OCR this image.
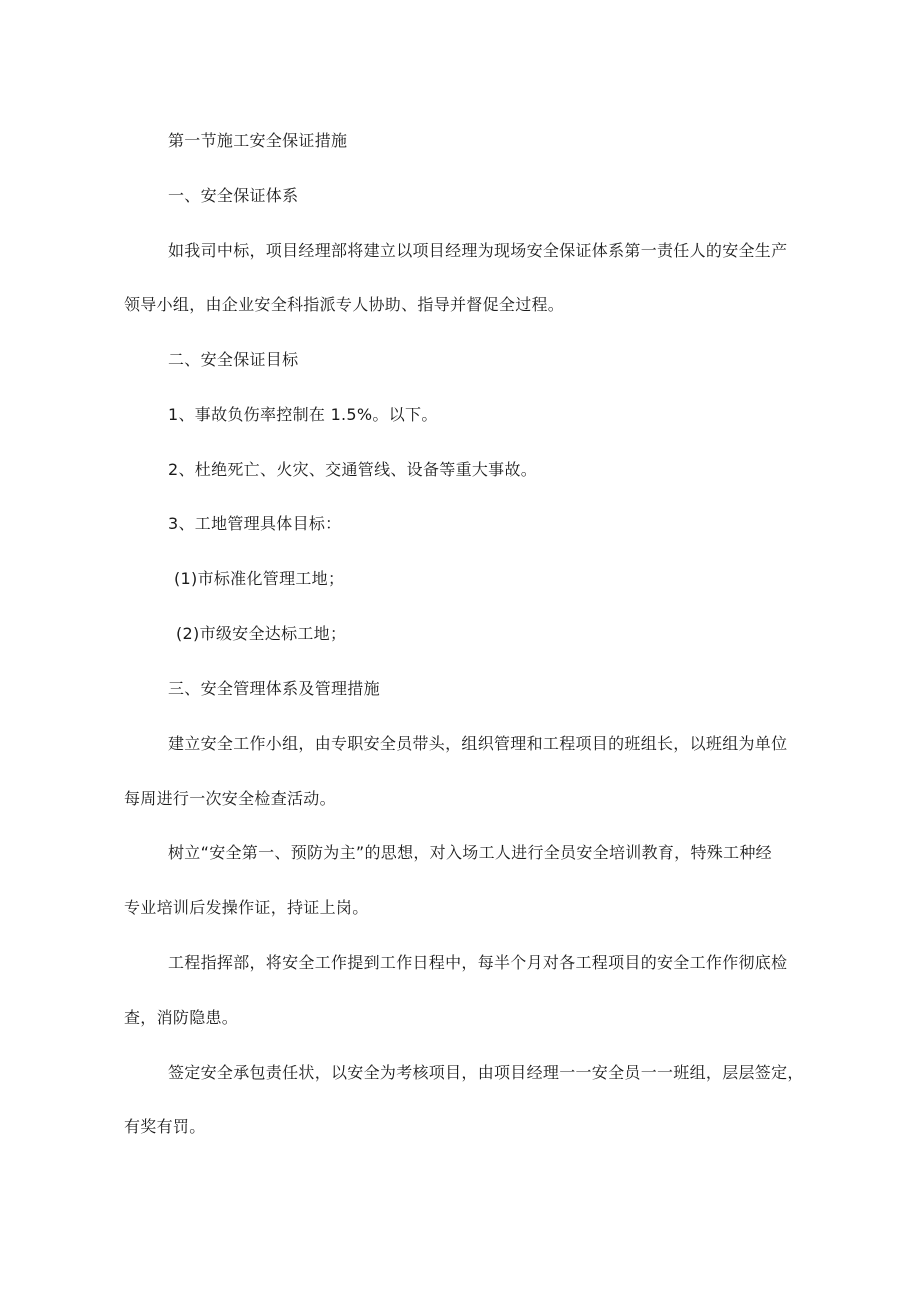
第一节施工安全保证措施
一、安全保证体系
如我司中标，项目经理部将建立以项目经理为现场安全保证体系第一责任人的安全生产
领导小组，由企业安全科指派专人协助、指导并督促全过程。
二、安全保证目标
1、事故负伤率控制在 1.5%。以下。
2、杜绝死亡、火灾、交通管线、设备等重大事故。
3、工地管理具体目标：
(1)市标准化管理工地；
(2)市级安全达标工地；
三、安全管理体系及管理措施
建立安全工作小组，由专职安全员带头，组织管理和工程项目的班组长，以班组为单位
每周进行一次安全检查活动。
树立“安全第一、预防为主”的思想，对入场工人进行全员安全培训教育，特殊工种经
专业培训后发操作证，持证上岗。
工程指挥部，将安全工作提到工作日程中，每半个月对各工程项目的安全工作作彻底检
查，消防隐患。
签定安全承包责任状，以安全为考核项目，由项目经理一一安全员一一班组，层层签定，
有奖有罚。
